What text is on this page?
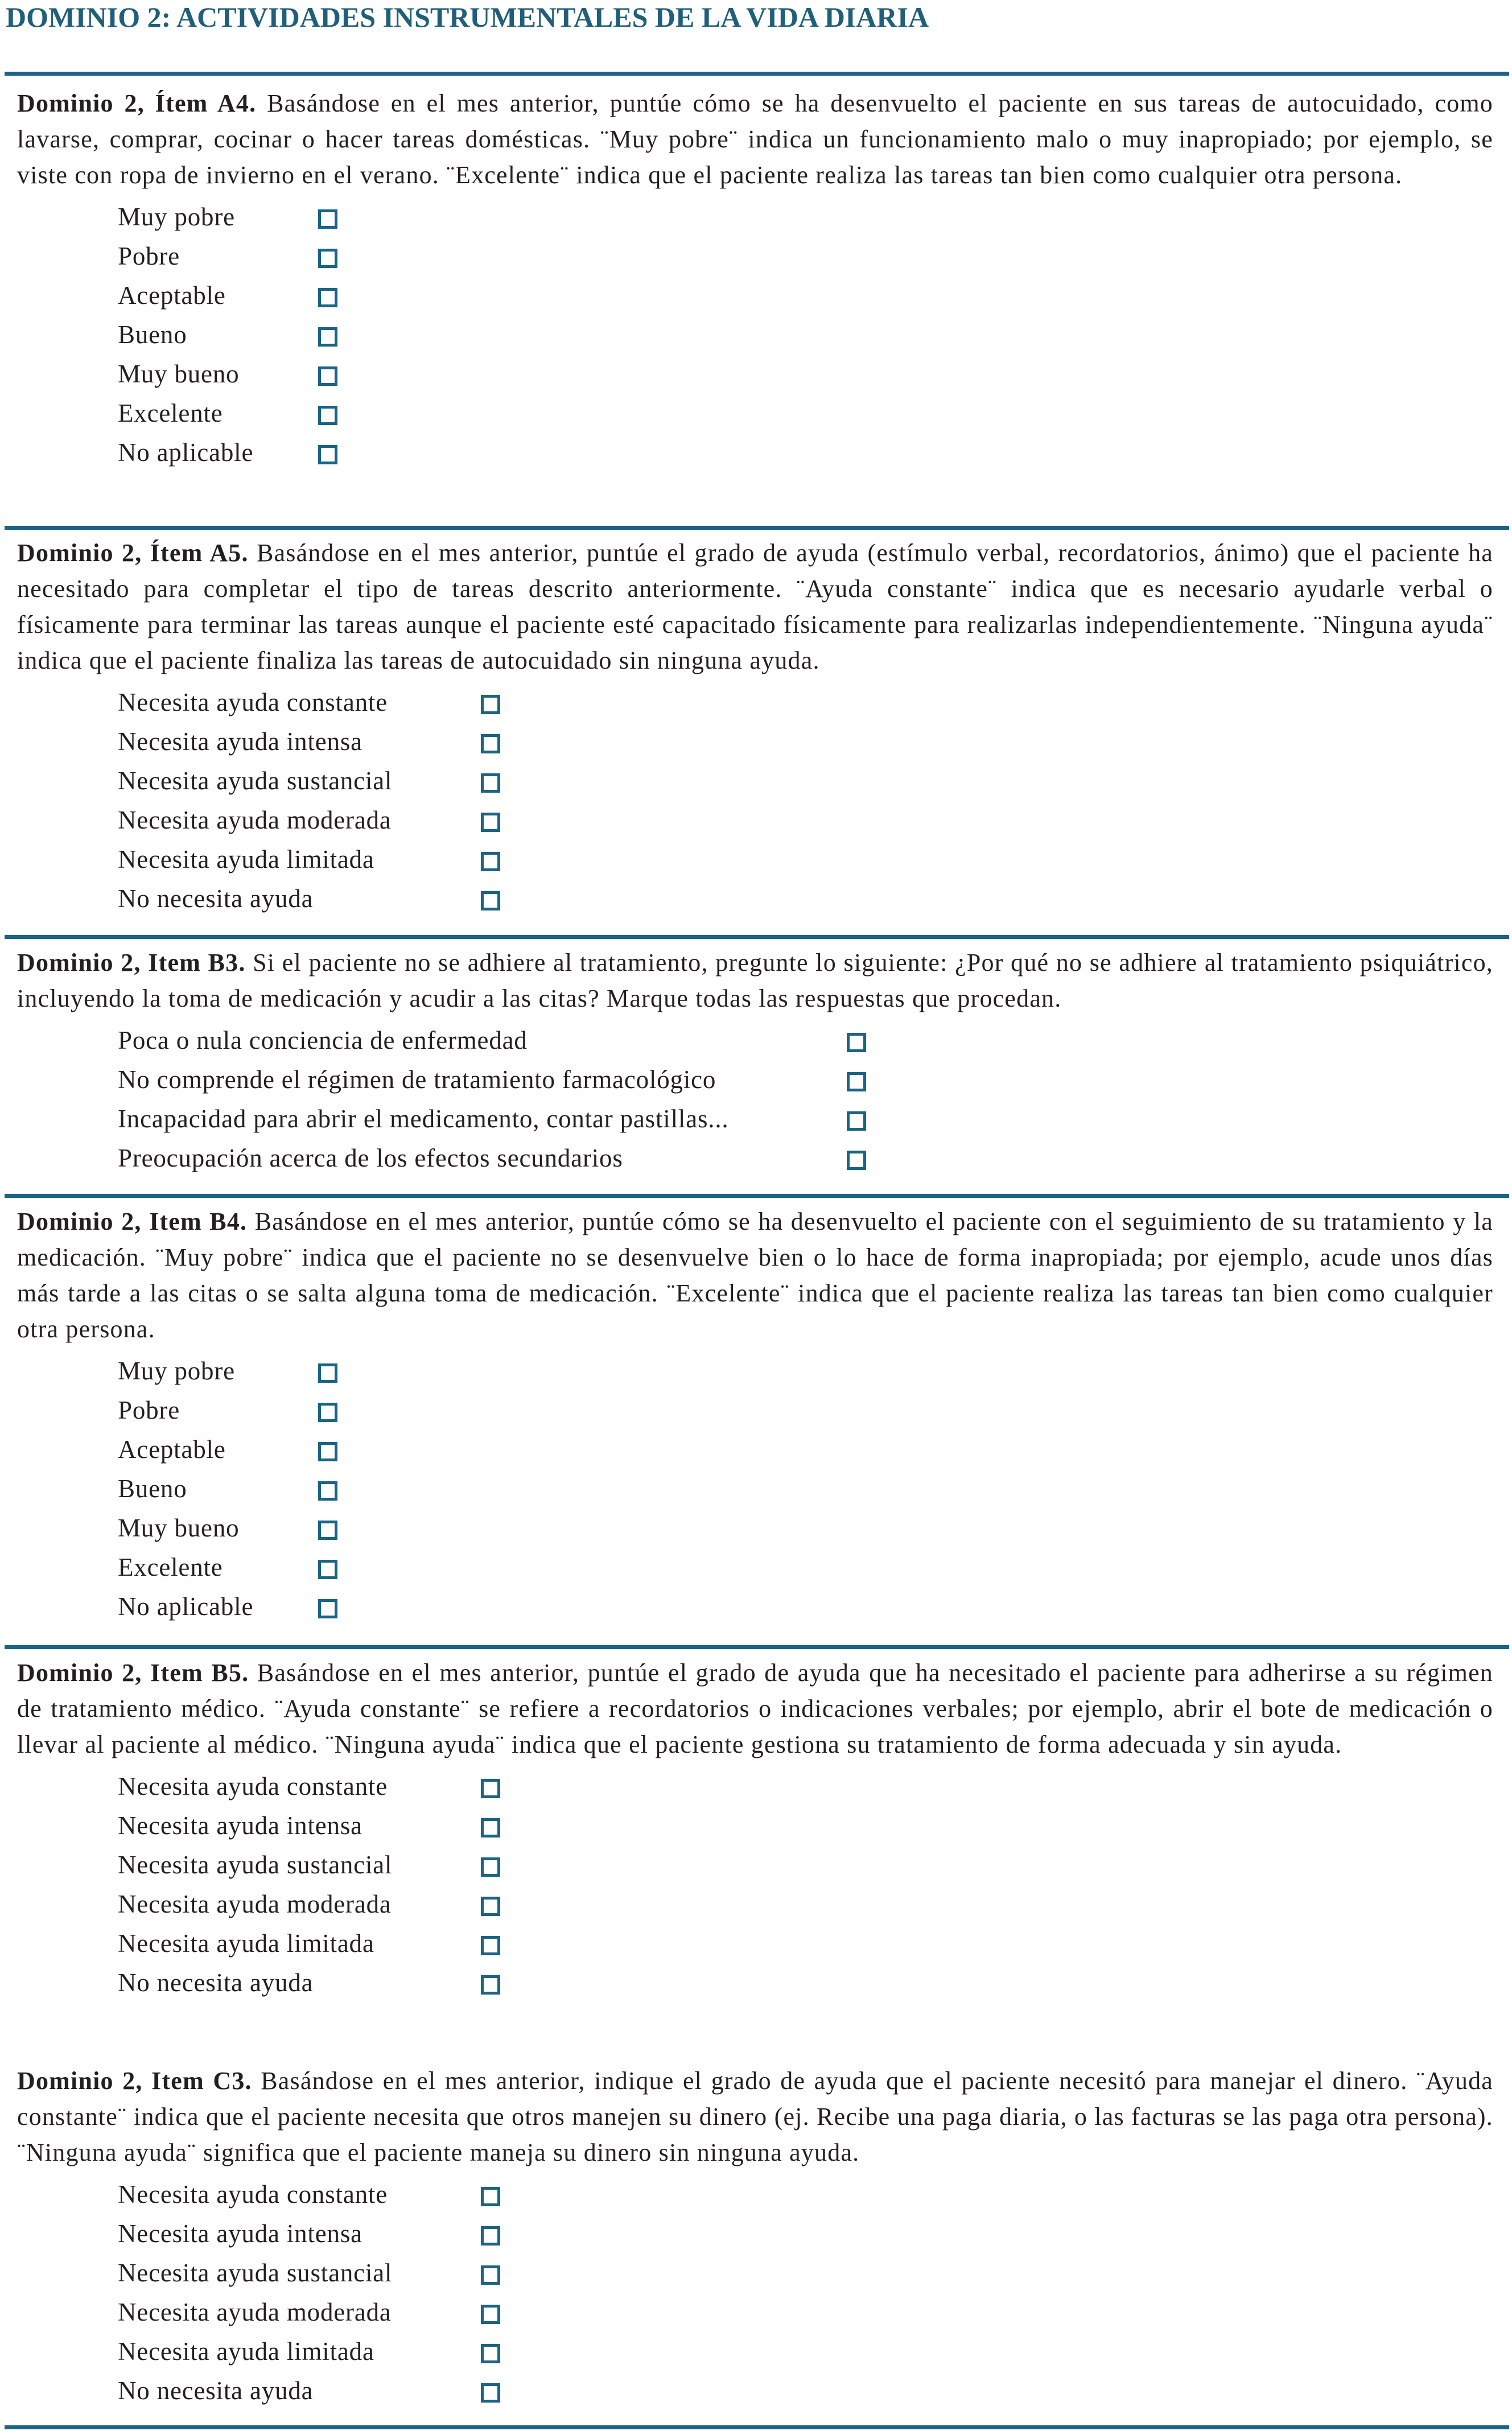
DOMINIO 2: ACTIVIDADES INSTRUMENTALES DE LA VIDA DIARIA

Dominio 2, Ítem A4. Basándose en el mes anterior, puntúe cómo se ha desenvuelto el paciente en sus tareas de autocuidado, como lavarse, comprar, cocinar o hacer tareas domésticas. ¨Muy pobre¨ indica un funcionamiento malo o muy inapropiado; por ejemplo, se viste con ropa de invierno en el verano. ¨Excelente¨ indica que el paciente realiza las tareas tan bien como cualquier otra persona.

Muy pobre
Pobre
Aceptable
Bueno
Muy bueno
Excelente
No aplicable

Dominio 2, Ítem A5. Basándose en el mes anterior, puntúe el grado de ayuda (estímulo verbal, recordatorios, ánimo) que el paciente ha necesitado para completar el tipo de tareas descrito anteriormente. ¨Ayuda constante¨ indica que es necesario ayudarle verbal o físicamente para terminar las tareas aunque el paciente esté capacitado físicamente para realizarlas independientemente. ¨Ninguna ayuda¨ indica que el paciente finaliza las tareas de autocuidado sin ninguna ayuda.

Necesita ayuda constante
Necesita ayuda intensa
Necesita ayuda sustancial
Necesita ayuda moderada
Necesita ayuda limitada
No necesita ayuda

Dominio 2, Item B3. Si el paciente no se adhiere al tratamiento, pregunte lo siguiente: ¿Por qué no se adhiere al tratamiento psiquiátrico, incluyendo la toma de medicación y acudir a las citas? Marque todas las respuestas que procedan.

Poca o nula conciencia de enfermedad
No comprende el régimen de tratamiento farmacológico
Incapacidad para abrir el medicamento, contar pastillas...
Preocupación acerca de los efectos secundarios

Dominio 2, Item B4. Basándose en el mes anterior, puntúe cómo se ha desenvuelto el paciente con el seguimiento de su tratamiento y la medicación. ¨Muy pobre¨ indica que el paciente no se desenvuelve bien o lo hace de forma inapropiada; por ejemplo, acude unos días más tarde a las citas o se salta alguna toma de medicación. ¨Excelente¨ indica que el paciente realiza las tareas tan bien como cualquier otra persona.

Muy pobre
Pobre
Aceptable
Bueno
Muy bueno
Excelente
No aplicable

Dominio 2, Item B5. Basándose en el mes anterior, puntúe el grado de ayuda que ha necesitado el paciente para adherirse a su régimen de tratamiento médico. ¨Ayuda constante¨ se refiere a recordatorios o indicaciones verbales; por ejemplo, abrir el bote de medicación o llevar al paciente al médico. ¨Ninguna ayuda¨ indica que el paciente gestiona su tratamiento de forma adecuada y sin ayuda.

Necesita ayuda constante
Necesita ayuda intensa
Necesita ayuda sustancial
Necesita ayuda moderada
Necesita ayuda limitada
No necesita ayuda

Dominio 2, Item C3. Basándose en el mes anterior, indique el grado de ayuda que el paciente necesitó para manejar el dinero. ¨Ayuda constante¨ indica que el paciente necesita que otros manejen su dinero (ej. Recibe una paga diaria, o las facturas se las paga otra persona). ¨Ninguna ayuda¨ significa que el paciente maneja su dinero sin ninguna ayuda.

Necesita ayuda constante
Necesita ayuda intensa
Necesita ayuda sustancial
Necesita ayuda moderada
Necesita ayuda limitada
No necesita ayuda
